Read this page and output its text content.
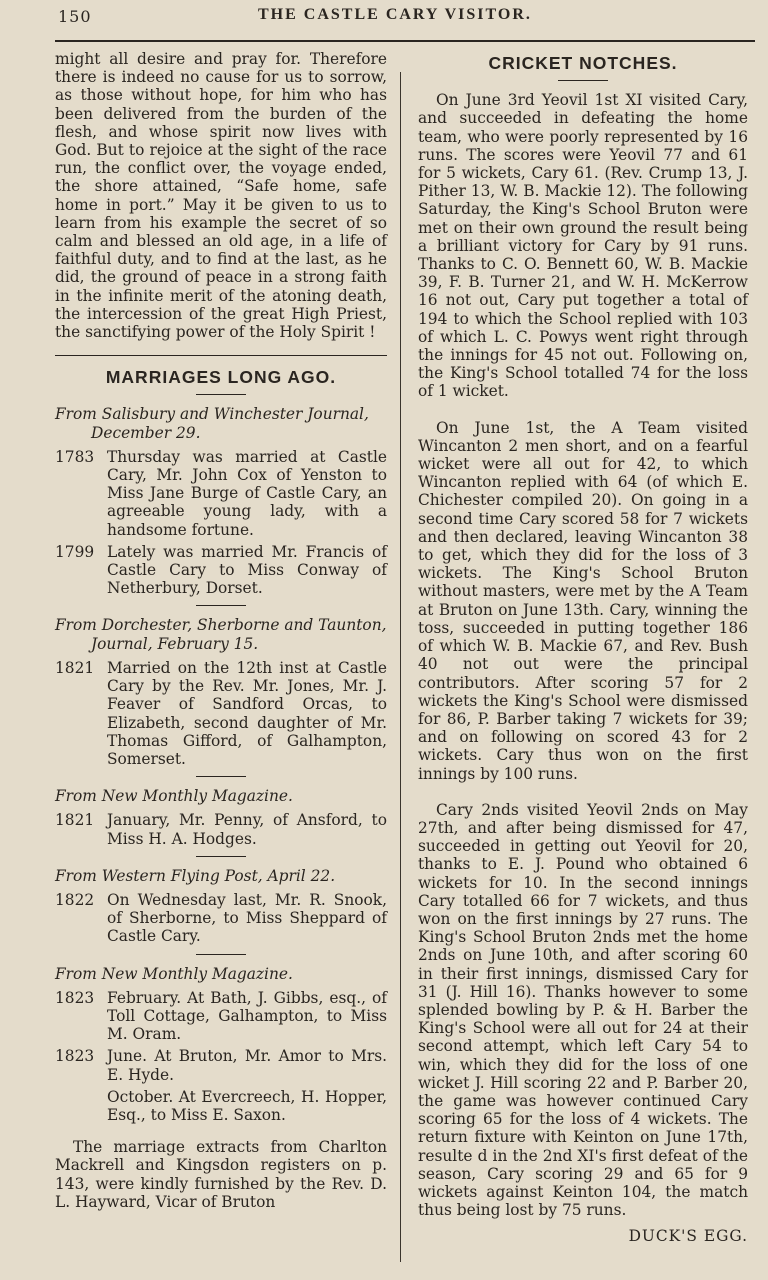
150	THE CASTLE CARY VISITOR.

might all desire and pray for. Therefore there is indeed no cause for us to sorrow, as those without hope, for him who has been delivered from the burden of the flesh, and whose spirit now lives with God. But to rejoice at the sight of the race run, the conflict over, the voyage ended, the shore attained, “Safe home, safe home in port.” May it be given to us to learn from his example the secret of so calm and blessed an old age, in a life of faithful duty, and to find at the last, as he did, the ground of peace in a strong faith in the infinite merit of the atoning death, the intercession of the great High Priest, the sanctifying power of the Holy Spirit !

MARRIAGES LONG AGO.
From Salisbury and Winchester Journal, December 29.
1783 Thursday was married at Castle Cary, Mr. John Cox of Yenston to Miss Jane Burge of Castle Cary, an agreeable young lady, with a handsome fortune.
1799 Lately was married Mr. Francis of Castle Cary to Miss Conway of Netherbury, Dorset.
From Dorchester, Sherborne and Taunton, Journal, February 15.
1821 Married on the 12th inst at Castle Cary by the Rev. Mr. Jones, Mr. J. Feaver of Sandford Orcas, to Elizabeth, second daughter of Mr. Thomas Gifford, of Galhampton, Somerset.
From New Monthly Magazine.
1821 January, Mr. Penny, of Ansford, to Miss H. A. Hodges.
From Western Flying Post, April 22.
1822 On Wednesday last, Mr. R. Snook, of Sherborne, to Miss Sheppard of Castle Cary.
From New Monthly Magazine.
1823 February. At Bath, J. Gibbs, esq., of Toll Cottage, Galhampton, to Miss M. Oram.
1823 June. At Bruton, Mr. Amor to Mrs. E. Hyde.

October. At Evercreech, H. Hopper, Esq., to Miss E. Saxon.

The marriage extracts from Charlton Mackrell and Kingsdon registers on p. 143, were kindly furnished by the Rev. D. L. Hayward, Vicar of Bruton

CRICKET NOTCHES.

On June 3rd Yeovil 1st XI visited Cary, and succeeded in defeating the home team, who were poorly represented by 16 runs. The scores were Yeovil 77 and 61 for 5 wickets, Cary 61. (Rev. Crump 13, J. Pither 13, W. B. Mackie 12). The following Saturday, the King's School Bruton were met on their own ground the result being a brilliant victory for Cary by 91 runs. Thanks to C. O. Bennett 60, W. B. Mackie 39, F. B. Turner 21, and W. H. McKerrow 16 not out, Cary put together a total of 194 to which the School replied with 103 of which L. C. Powys went right through the innings for 45 not out. Following on, the King's School totalled 74 for the loss of 1 wicket.

On June 1st, the A Team visited Wincanton 2 men short, and on a fearful wicket were all out for 42, to which Wincanton replied with 64 (of which E. Chichester compiled 20). On going in a second time Cary scored 58 for 7 wickets and then declared, leaving Wincanton 38 to get, which they did for the loss of 3 wickets. The King's School Bruton without masters, were met by the A Team at Bruton on June 13th. Cary, winning the toss, succeeded in putting together 186 of which W. B. Mackie 67, and Rev. Bush 40 not out were the principal contributors. After scoring 57 for 2 wickets the King's School were dismissed for 86, P. Barber taking 7 wickets for 39; and on following on scored 43 for 2 wickets. Cary thus won on the first innings by 100 runs.

Cary 2nds visited Yeovil 2nds on May 27th, and after being dismissed for 47, succeeded in getting out Yeovil for 20, thanks to E. J. Pound who obtained 6 wickets for 10. In the second innings Cary totalled 66 for 7 wickets, and thus won on the first innings by 27 runs. The King's School Bruton 2nds met the home 2nds on June 10th, and after scoring 60 in their first innings, dismissed Cary for 31 (J. Hill 16). Thanks however to some splended bowling by P. & H. Barber the King's School were all out for 24 at their second attempt, which left Cary 54 to win, which they did for the loss of one wicket J. Hill scoring 22 and P. Barber 20, the game was however continued Cary scoring 65 for the loss of 4 wickets. The return fixture with Keinton on June 17th, resulte d in the 2nd XI's first defeat of the season, Cary scoring 29 and 65 for 9 wickets against Keinton 104, the match thus being lost by 75 runs.

DUCK'S EGG.
